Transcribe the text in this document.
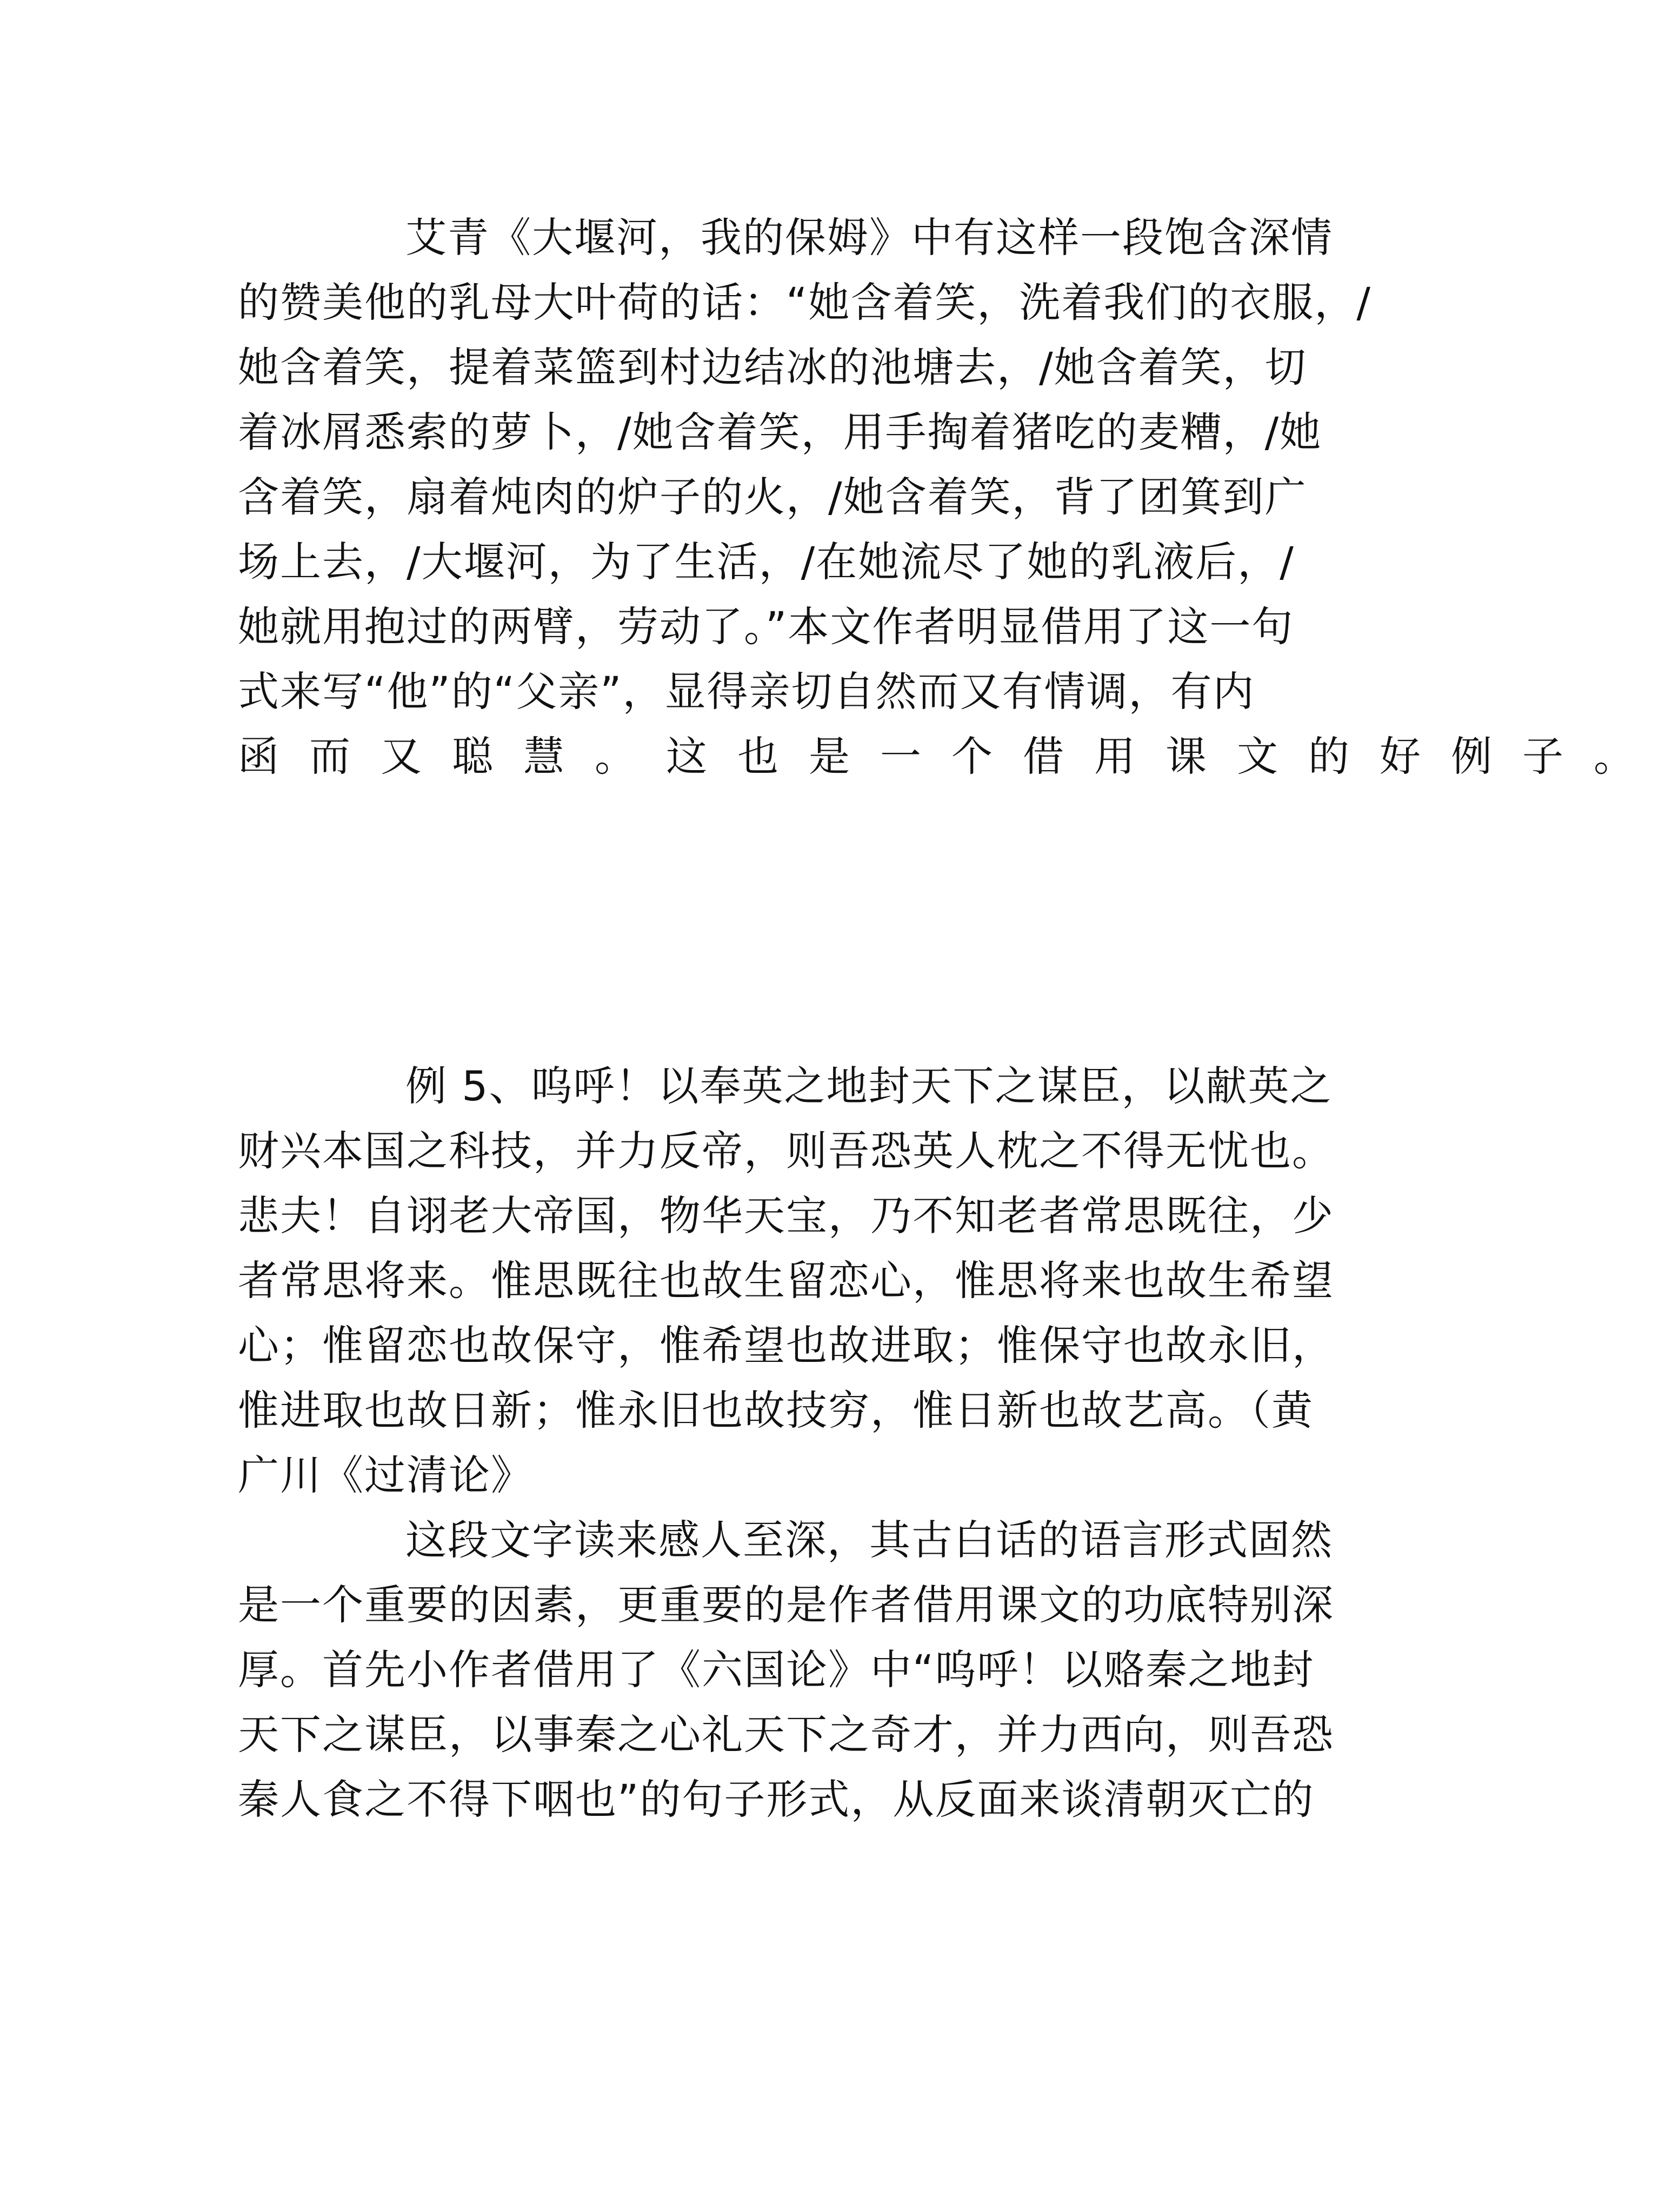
艾青《大堰河，我的保姆》中有这样一段饱含深情
的赞美他的乳母大叶荷的话：“她含着笑，洗着我们的衣服，/
她含着笑，提着菜篮到村边结冰的池塘去，/她含着笑，切
着冰屑悉索的萝卜，/她含着笑，用手掏着猪吃的麦糟，/她
含着笑，扇着炖肉的炉子的火，/她含着笑，背了团箕到广
场上去，/大堰河，为了生活，/在她流尽了她的乳液后，/
她就用抱过的两臂，劳动了。”本文作者明显借用了这一句
式来写“他”的“父亲”，显得亲切自然而又有情调，有内
函而又聪慧。这也是一个借用课文的好例子。
例 5、呜呼！以奉英之地封天下之谋臣，以献英之
财兴本国之科技，并力反帝，则吾恐英人枕之不得无忧也。
悲夫！自诩老大帝国，物华天宝，乃不知老者常思既往，少
者常思将来。惟思既往也故生留恋心，惟思将来也故生希望
心；惟留恋也故保守，惟希望也故进取；惟保守也故永旧，
惟进取也故日新；惟永旧也故技穷，惟日新也故艺高。（黄
广川《过清论》
这段文字读来感人至深，其古白话的语言形式固然
是一个重要的因素，更重要的是作者借用课文的功底特别深
厚。首先小作者借用了《六国论》中“呜呼！以赂秦之地封
天下之谋臣，以事秦之心礼天下之奇才，并力西向，则吾恐
秦人食之不得下咽也”的句子形式，从反面来谈清朝灭亡的
